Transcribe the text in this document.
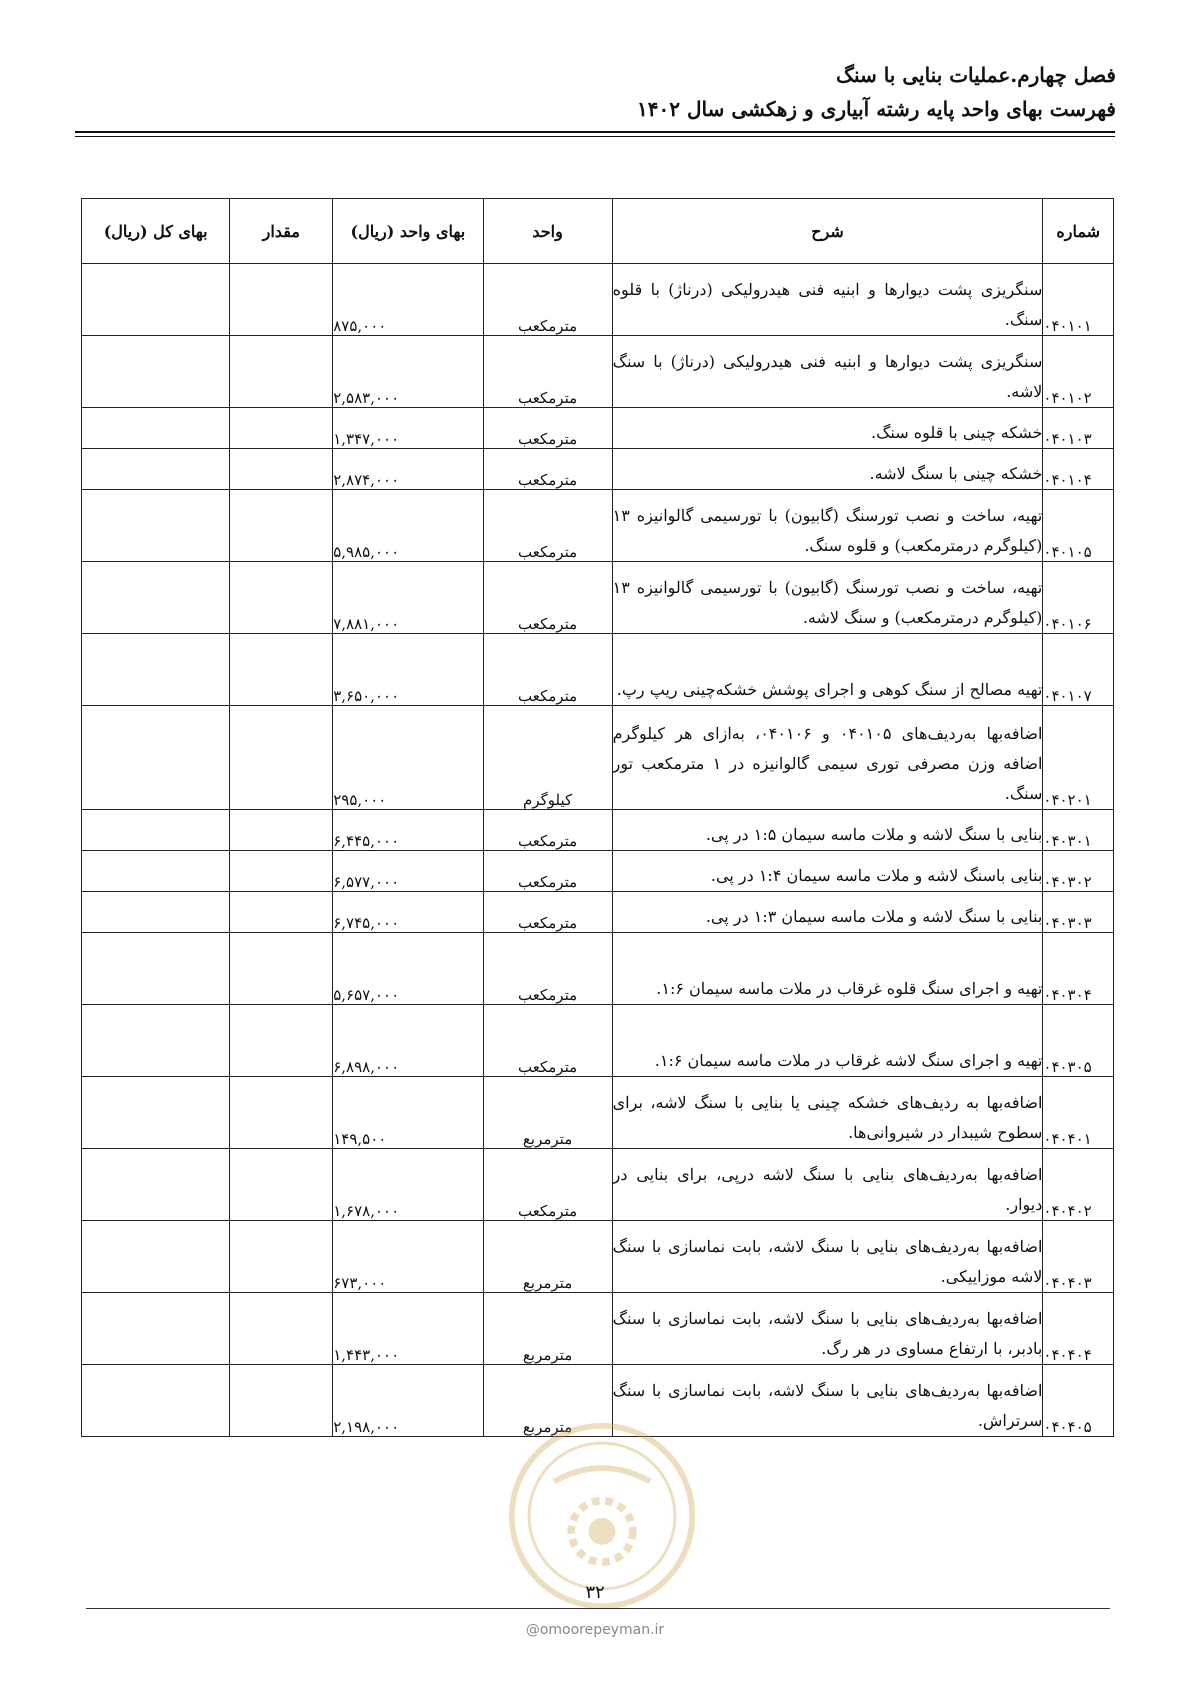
فصل چهارم.عملیات بنایی با سنگ
فهرست بهای واحد پایه رشته آبیاری و زهکشی سال ۱۴۰۲
شماره	شرح	واحد	بهای واحد (ریال)	مقدار	بهای کل (ریال)
۰۴۰۱۰۱	سنگریزی پشت دیوارها و ابنیه فنی هیدرولیکی (درناژ) با قلوه سنگ.	مترمکعب	۸۷۵,۰۰۰		
۰۴۰۱۰۲	سنگریزی پشت دیوارها و ابنیه فنی هیدرولیکی (درناژ) با سنگ لاشه.	مترمکعب	۲,۵۸۳,۰۰۰		
۰۴۰۱۰۳	خشکه چینی با قلوه سنگ.	مترمکعب	۱,۳۴۷,۰۰۰		
۰۴۰۱۰۴	خشکه چینی با سنگ لاشه.	مترمکعب	۲,۸۷۴,۰۰۰		
۰۴۰۱۰۵	تهیه، ساخت و نصب تورسنگ (گابیون) با تورسیمی گالوانیزه ۱۳ (کیلوگرم درمترمکعب) و قلوه سنگ.	مترمکعب	۵,۹۸۵,۰۰۰		
۰۴۰۱۰۶	تهیه، ساخت و نصب تورسنگ (گابیون) با تورسیمی گالوانیزه ۱۳ (کیلوگرم درمترمکعب) و سنگ لاشه.	مترمکعب	۷,۸۸۱,۰۰۰		
۰۴۰۱۰۷	تهیه مصالح از سنگ کوهی و اجرای پوشش خشکه‌چینی ریپ رپ.	مترمکعب	۳,۶۵۰,۰۰۰		
۰۴۰۲۰۱	اضافه‌بها به‌ردیف‌های ۰۴۰۱۰۵ و ۰۴۰۱۰۶، به‌ازای هر کیلوگرم اضافه وزن مصرفی توری سیمی گالوانیزه در ۱ مترمکعب تور سنگ.	کیلوگرم	۲۹۵,۰۰۰		
۰۴۰۳۰۱	بنایی با سنگ لاشه و ملات ماسه سیمان ۱:۵ در پی.	مترمکعب	۶,۴۴۵,۰۰۰		
۰۴۰۳۰۲	بنایی باسنگ لاشه و ملات ماسه سیمان ۱:۴ در پی.	مترمکعب	۶,۵۷۷,۰۰۰		
۰۴۰۳۰۳	بنایی با سنگ لاشه و ملات ماسه سیمان ۱:۳ در پی.	مترمکعب	۶,۷۴۵,۰۰۰		
۰۴۰۳۰۴	تهیه و اجرای سنگ قلوه غرقاب در ملات ماسه سیمان ۱:۶.	مترمکعب	۵,۶۵۷,۰۰۰		
۰۴۰۳۰۵	تهیه و اجرای سنگ لاشه غرقاب در ملات ماسه سیمان ۱:۶.	مترمکعب	۶,۸۹۸,۰۰۰		
۰۴۰۴۰۱	اضافه‌بها به ردیف‌های خشکه چینی یا بنایی با سنگ لاشه، برای سطوح شیبدار در شیروانی‌ها.	مترمربع	۱۴۹,۵۰۰		
۰۴۰۴۰۲	اضافه‌بها به‌ردیف‌های بنایی با سنگ لاشه درپی، برای بنایی در دیوار.	مترمکعب	۱,۶۷۸,۰۰۰		
۰۴۰۴۰۳	اضافه‌بها به‌ردیف‌های بنایی با سنگ لاشه، بابت نماسازی با سنگ لاشه موزاییکی.	مترمربع	۶۷۳,۰۰۰		
۰۴۰۴۰۴	اضافه‌بها به‌ردیف‌های بنایی با سنگ لاشه، بابت نماسازی با سنگ بادبر، با ارتفاع مساوی در هر رگ.	مترمربع	۱,۴۴۳,۰۰۰		
۰۴۰۴۰۵	اضافه‌بها به‌ردیف‌های بنایی با سنگ لاشه، بابت نماسازی با سنگ سرتراش.	مترمربع	۲,۱۹۸,۰۰۰		
۳۲
@omoorepeyman.ir
